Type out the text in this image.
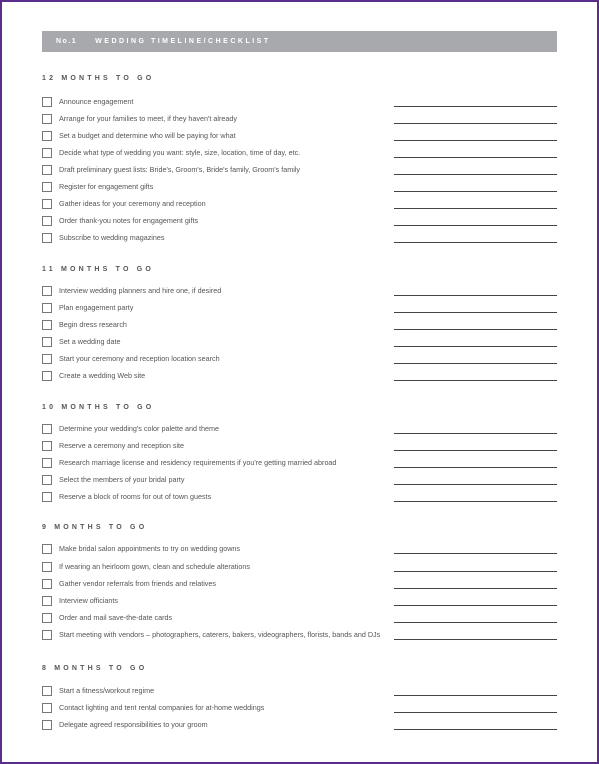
No.1	WEDDING TIMELINE/CHECKLIST
12 MONTHS TO GO
Announce engagement
Arrange for your families to meet, if they haven't already
Set a budget and determine who will be paying for what
Decide what type of wedding you want: style, size, location, time of day, etc.
Draft preliminary guest lists: Bride's, Groom's, Bride's family, Groom's family
Register for engagement gifts
Gather ideas for your ceremony and reception
Order thank-you notes for engagement gifts
Subscribe to wedding magazines
11 MONTHS TO GO
Interview wedding planners and hire one, if desired
Plan engagement party
Begin dress research
Set a wedding date
Start your ceremony and reception location search
Create a wedding Web site
10 MONTHS TO GO
Determine your wedding's color palette and theme
Reserve a ceremony and reception site
Research marriage license and residency requirements if you're getting married abroad
Select the members of your bridal party
Reserve a block of rooms for out of town guests
9 MONTHS TO GO
Make bridal salon appointments to try on wedding gowns
If wearing an heirloom gown, clean and schedule alterations
Gather vendor referrals from friends and relatives
Interview officiants
Order and mail save-the-date cards
Start meeting with vendors – photographers, caterers, bakers, videographers, florists, bands and DJs
8 MONTHS TO GO
Start a fitness/workout regime
Contact lighting and tent rental companies for at-home weddings
Delegate agreed responsibilities to your groom
